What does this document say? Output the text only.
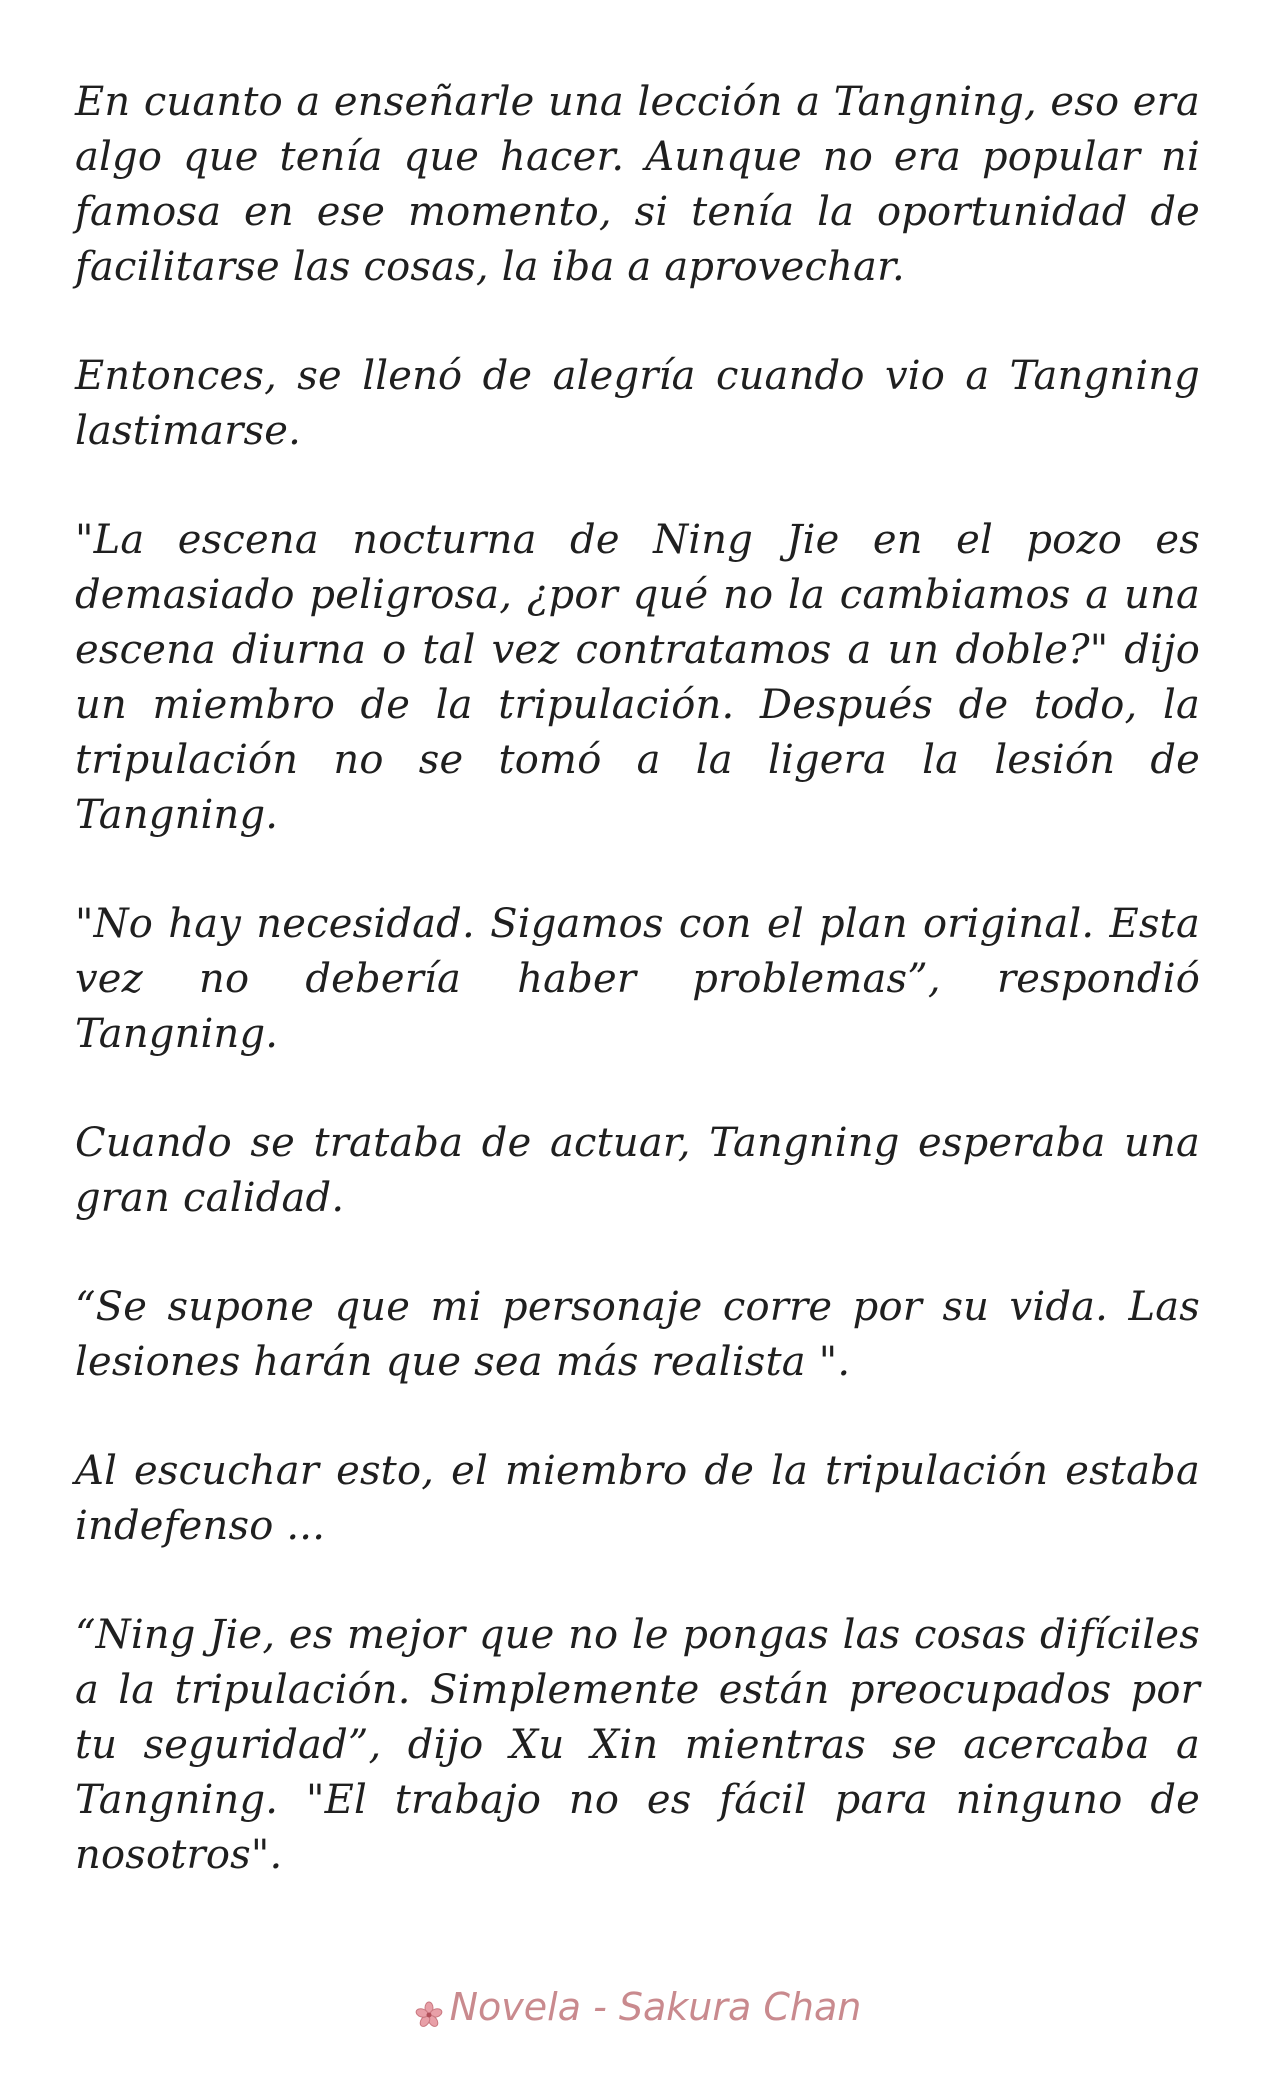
En cuanto a enseñarle una lección a Tangning, eso era algo que tenía que hacer. Aunque no era popular ni famosa en ese momento, si tenía la oportunidad de facilitarse las cosas, la iba a aprovechar.

Entonces, se llenó de alegría cuando vio a Tangning lastimarse.

"La escena nocturna de Ning Jie en el pozo es demasiado peligrosa, ¿por qué no la cambiamos a una escena diurna o tal vez contratamos a un doble?" dijo un miembro de la tripulación. Después de todo, la tripulación no se tomó a la ligera la lesión de Tangning.

"No hay necesidad. Sigamos con el plan original. Esta vez no debería haber problemas”, respondió Tangning.

Cuando se trataba de actuar, Tangning esperaba una gran calidad.

“Se supone que mi personaje corre por su vida. Las lesiones harán que sea más realista ".

Al escuchar esto, el miembro de la tripulación estaba indefenso ...

“Ning Jie, es mejor que no le pongas las cosas difíciles a la tripulación. Simplemente están preocupados por tu seguridad”, dijo Xu Xin mientras se acercaba a Tangning. "El trabajo no es fácil para ninguno de nosotros".

Novela - Sakura Chan
